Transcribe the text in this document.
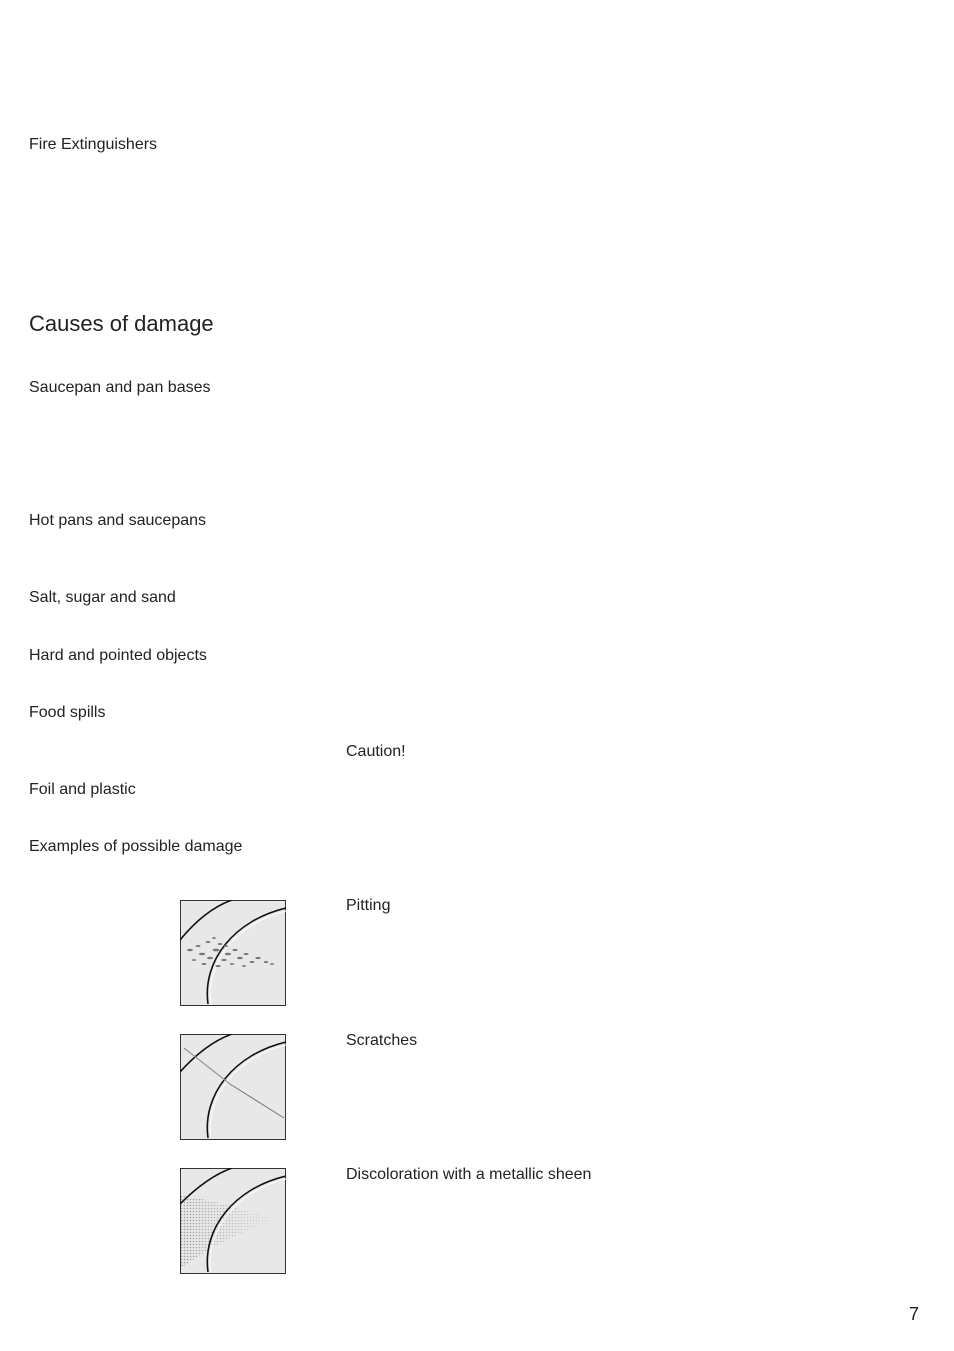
Fire Extinguishers
Causes of damage
Saucepan and pan bases
Hot pans and saucepans
Salt, sugar and sand
Hard and pointed objects
Food spills
Caution!
Foil and plastic
Examples of possible damage
Pitting
Scratches
Discoloration with a metallic sheen
7
